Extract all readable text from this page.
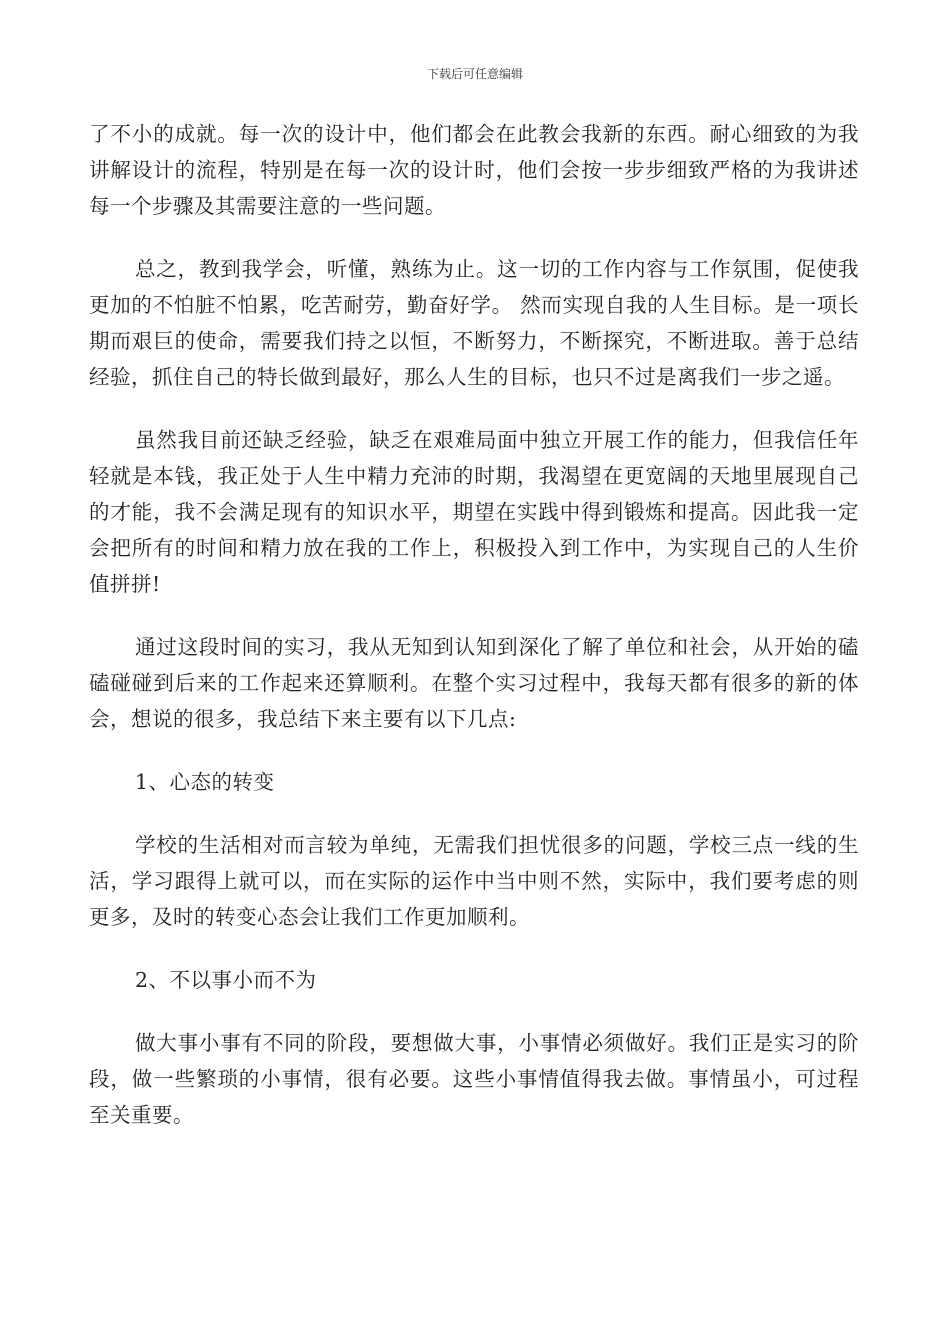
下载后可任意编辑

了不小的成就。每一次的设计中，他们都会在此教会我新的东西。耐心细致的为我讲解设计的流程，特别是在每一次的设计时，他们会按一步步细致严格的为我讲述每一个步骤及其需要注意的一些问题。

总之，教到我学会，听懂，熟练为止。这一切的工作内容与工作氛围，促使我更加的不怕脏不怕累，吃苦耐劳，勤奋好学。 然而实现自我的人生目标。是一项长期而艰巨的使命，需要我们持之以恒，不断努力，不断探究，不断进取。善于总结经验，抓住自己的特长做到最好，那么人生的目标，也只不过是离我们一步之遥。

虽然我目前还缺乏经验，缺乏在艰难局面中独立开展工作的能力，但我信任年轻就是本钱，我正处于人生中精力充沛的时期，我渴望在更宽阔的天地里展现自己的才能，我不会满足现有的知识水平，期望在实践中得到锻炼和提高。因此我一定会把所有的时间和精力放在我的工作上，积极投入到工作中，为实现自己的人生价值拼拼!

通过这段时间的实习，我从无知到认知到深化了解了单位和社会，从开始的磕磕碰碰到后来的工作起来还算顺利。在整个实习过程中，我每天都有很多的新的体会，想说的很多，我总结下来主要有以下几点:

1、心态的转变

学校的生活相对而言较为单纯，无需我们担忧很多的问题，学校三点一线的生活，学习跟得上就可以，而在实际的运作中当中则不然，实际中，我们要考虑的则更多，及时的转变心态会让我们工作更加顺利。

2、不以事小而不为

做大事小事有不同的阶段，要想做大事，小事情必须做好。我们正是实习的阶段，做一些繁琐的小事情，很有必要。这些小事情值得我去做。事情虽小，可过程至关重要。
